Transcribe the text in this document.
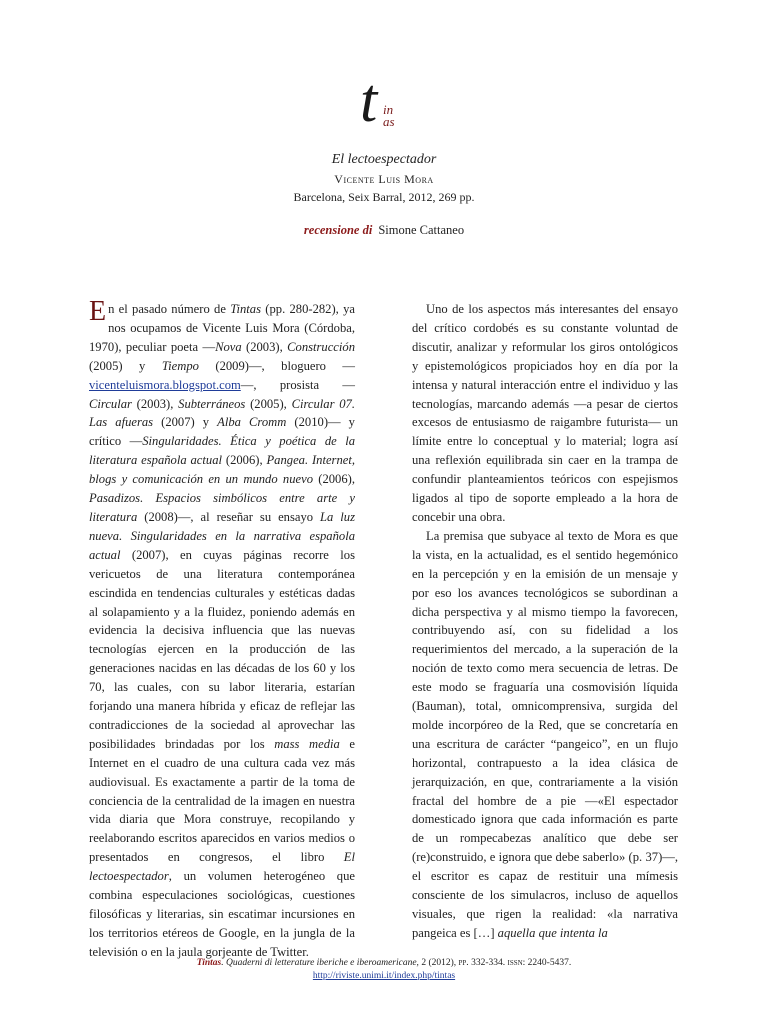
t in
as
El lectoespectador
Vicente Luis Mora
Barcelona, Seix Barral, 2012, 269 pp.
recensione di Simone Cattaneo

En el pasado número de Tintas (pp. 280-282), ya nos ocupamos de Vicente Luis Mora (Córdoba, 1970), peculiar poeta —Nova (2003), Construcción (2005) y Tiempo (2009)—, bloguero —vicenteluismora.blogspot.com—, prosista —Circular (2003), Subterráneos (2005), Circular 07. Las afueras (2007) y Alba Cromm (2010)— y crítico —Singularidades. Ética y poética de la literatura española actual (2006), Pangea. Internet, blogs y comunicación en un mundo nuevo (2006), Pasadizos. Espacios simbólicos entre arte y literatura (2008)—, al reseñar su ensayo La luz nueva. Singularidades en la narrativa española actual (2007), en cuyas páginas recorre los vericuetos de una literatura contemporánea escindida en tendencias culturales y estéticas dadas al solapamiento y a la fluidez, poniendo además en evidencia la decisiva influencia que las nuevas tecnologías ejercen en la producción de las generaciones nacidas en las décadas de los 60 y los 70, las cuales, con su labor literaria, estarían forjando una manera híbrida y eficaz de reflejar las contradicciones de la sociedad al aprovechar las posibilidades brindadas por los mass media e Internet en el cuadro de una cultura cada vez más audiovisual. Es exactamente a partir de la toma de conciencia de la centralidad de la imagen en nuestra vida diaria que Mora construye, recopilando y reelaborando escritos aparecidos en varios medios o presentados en congresos, el libro El lectoespectador, un volumen heterogéneo que combina especulaciones sociológicas, cuestiones filosóficas y literarias, sin escatimar incursiones en los territorios etéreos de Google, en la jungla de la televisión o en la jaula gorjeante de Twitter.

Uno de los aspectos más interesantes del ensayo del crítico cordobés es su constante voluntad de discutir, analizar y reformular los giros ontológicos y epistemológicos propiciados hoy en día por la intensa y natural interacción entre el individuo y las tecnologías, marcando además —a pesar de ciertos excesos de entusiasmo de raigambre futurista— un límite entre lo conceptual y lo material; logra así una reflexión equilibrada sin caer en la trampa de confundir planteamientos teóricos con espejismos ligados al tipo de soporte empleado a la hora de concebir una obra.

La premisa que subyace al texto de Mora es que la vista, en la actualidad, es el sentido hegemónico en la percepción y en la emisión de un mensaje y por eso los avances tecnológicos se subordinan a dicha perspectiva y al mismo tiempo la favorecen, contribuyendo así, con su fidelidad a los requerimientos del mercado, a la superación de la noción de texto como mera secuencia de letras. De este modo se fraguaría una cosmovisión líquida (Bauman), total, omnicomprensiva, surgida del molde incorpóreo de la Red, que se concretaría en una escritura de carácter “pangeico”, en un flujo horizontal, contrapuesto a la idea clásica de jerarquización, en que, contrariamente a la visión fractal del hombre de a pie —«El espectador domesticado ignora que cada información es parte de un rompecabezas analítico que debe ser (re)construido, e ignora que debe saberlo» (p. 37)—, el escritor es capaz de restituir una mímesis consciente de los simulacros, incluso de aquellos visuales, que rigen la realidad: «la narrativa pangeica es […] aquella que intenta la

Tintas. Quaderni di letterature iberiche e iberoamericane, 2 (2012), pp. 332-334. issn: 2240-5437.
http://riviste.unimi.it/index.php/tintas
